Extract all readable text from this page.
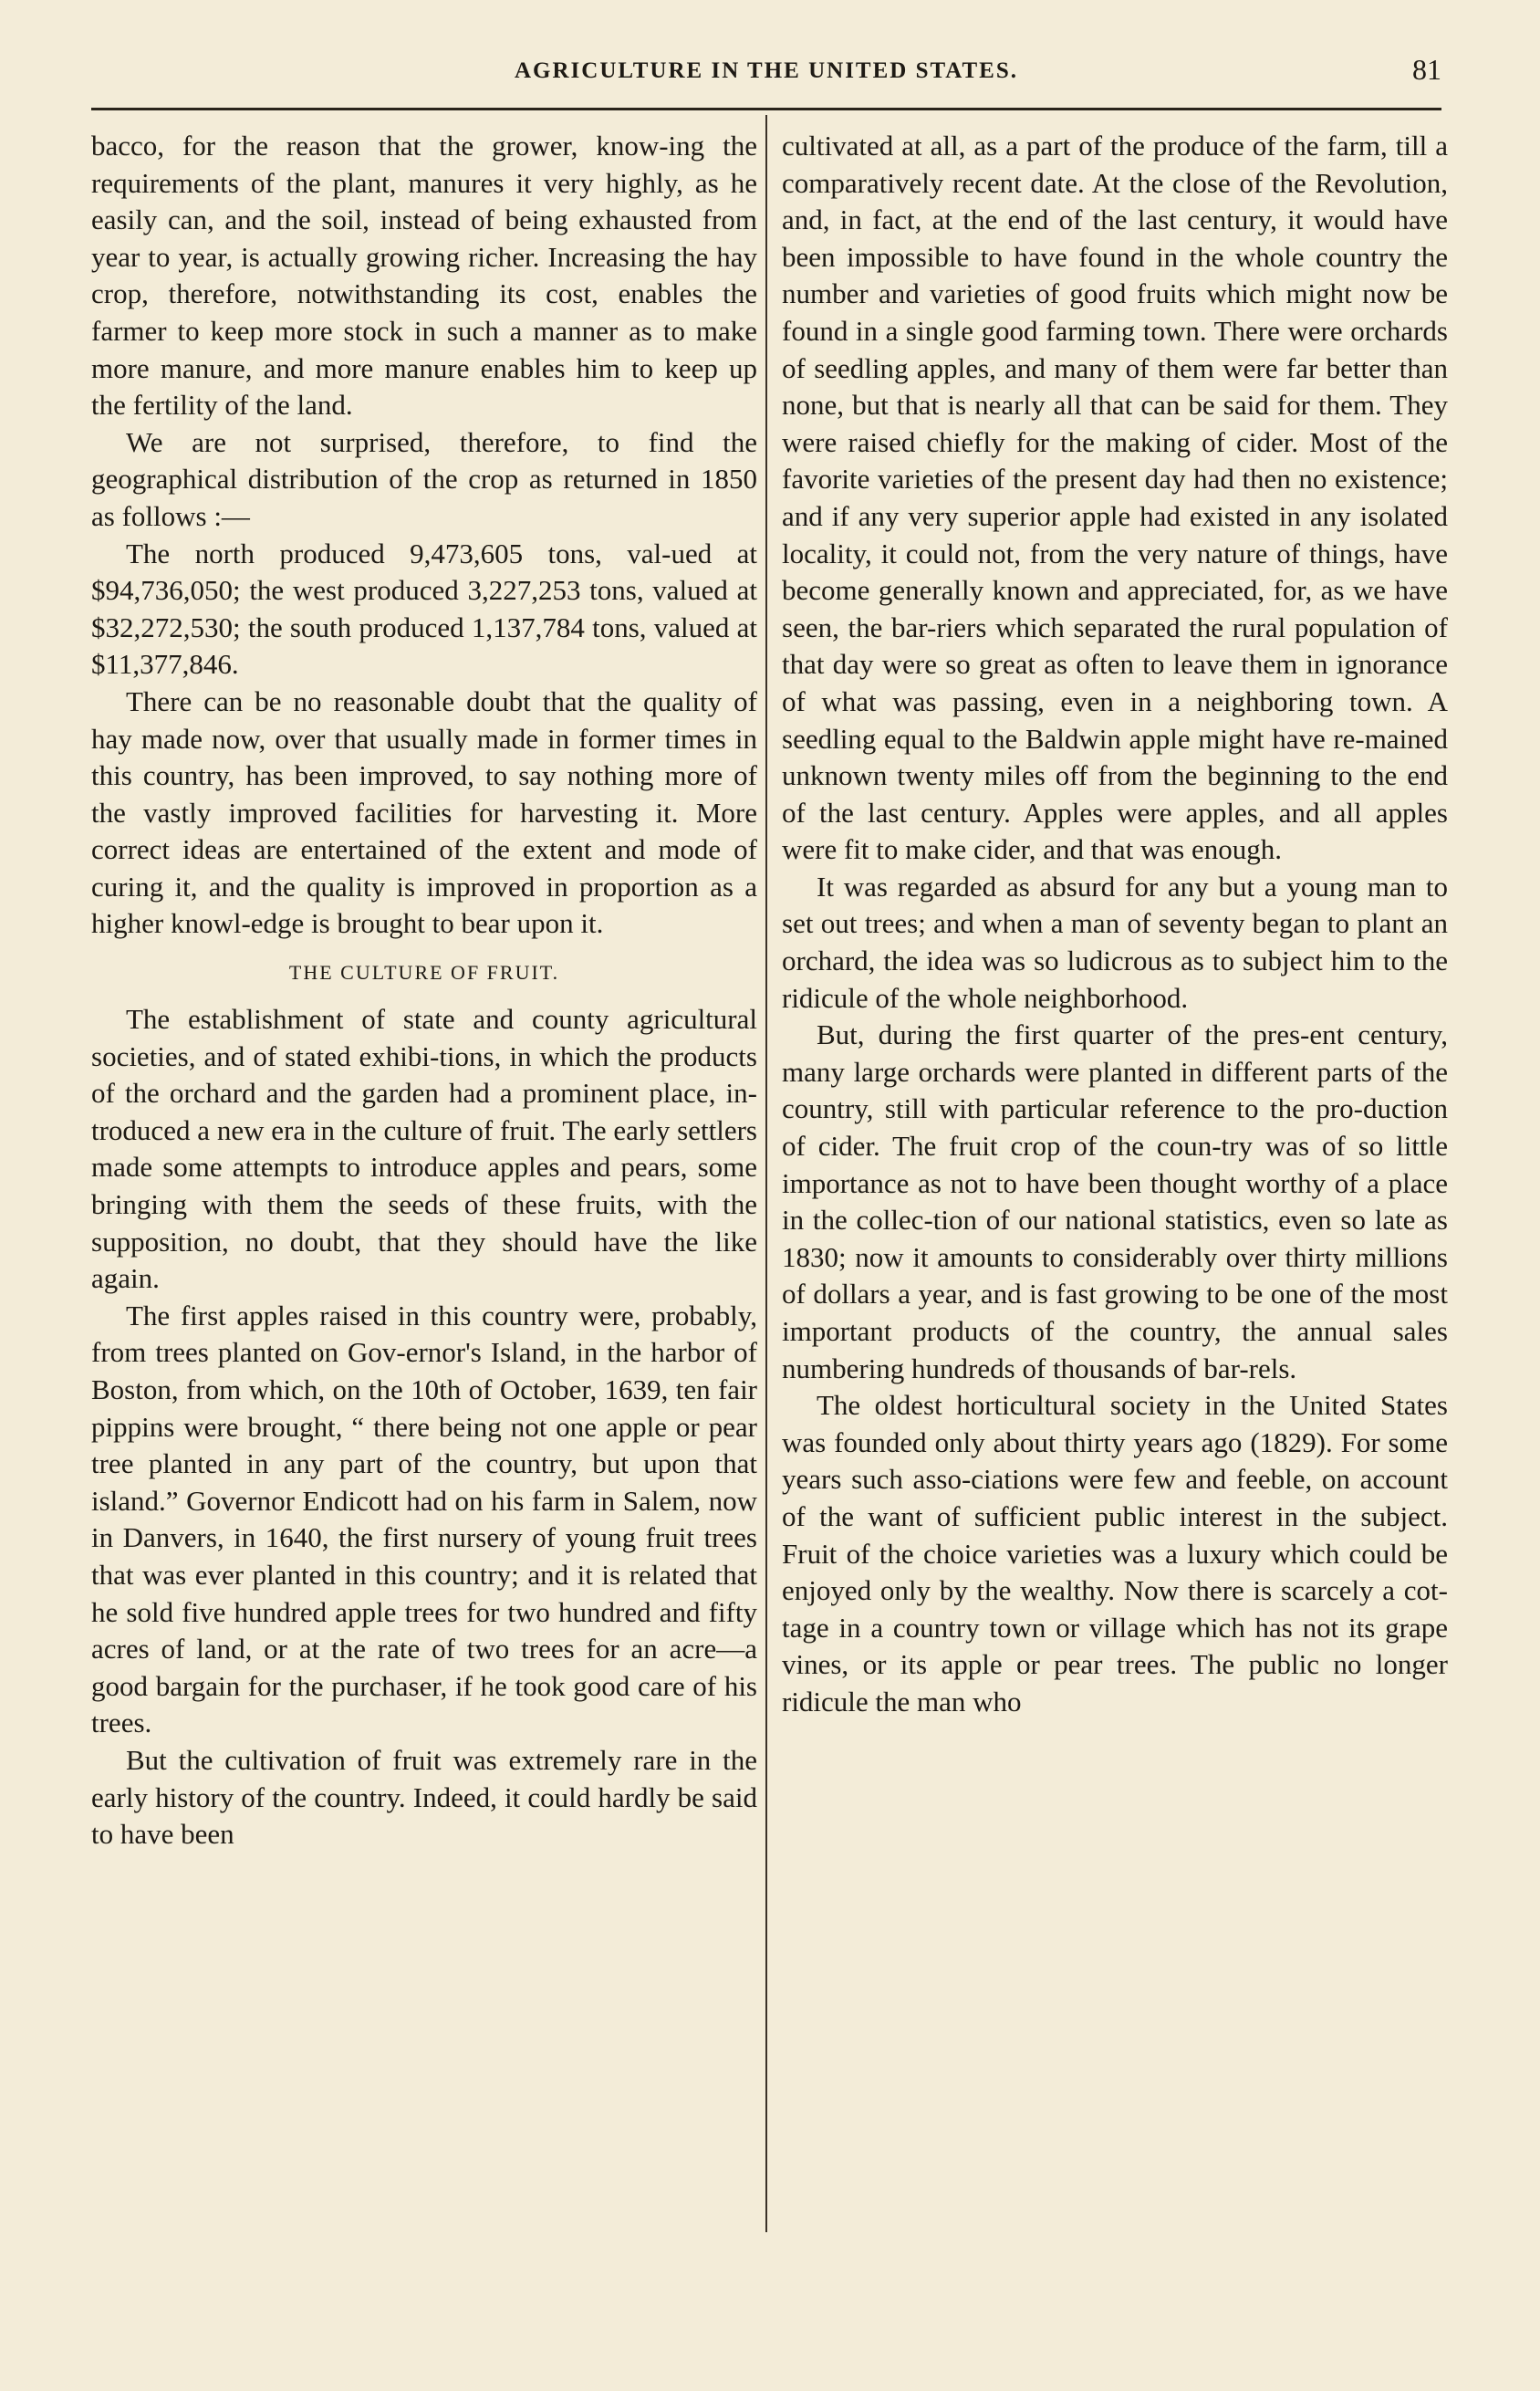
AGRICULTURE IN THE UNITED STATES.	81

bacco, for the reason that the grower, know-ing the requirements of the plant, manures it very highly, as he easily can, and the soil, instead of being exhausted from year to year, is actually growing richer. Increasing the hay crop, therefore, notwithstanding its cost, enables the farmer to keep more stock in such a manner as to make more manure, and more manure enables him to keep up the fertility of the land.

We are not surprised, therefore, to find the geographical distribution of the crop as returned in 1850 as follows :—

The north produced 9,473,605 tons, val-ued at $94,736,050; the west produced 3,227,253 tons, valued at $32,272,530; the south produced 1,137,784 tons, valued at $11,377,846.

There can be no reasonable doubt that the quality of hay made now, over that usually made in former times in this country, has been improved, to say nothing more of the vastly improved facilities for harvesting it. More correct ideas are entertained of the extent and mode of curing it, and the quality is improved in proportion as a higher knowl-edge is brought to bear upon it.

THE CULTURE OF FRUIT.

The establishment of state and county agricultural societies, and of stated exhibi-tions, in which the products of the orchard and the garden had a prominent place, in-troduced a new era in the culture of fruit. The early settlers made some attempts to introduce apples and pears, some bringing with them the seeds of these fruits, with the supposition, no doubt, that they should have the like again.

The first apples raised in this country were, probably, from trees planted on Gov-ernor's Island, in the harbor of Boston, from which, on the 10th of October, 1639, ten fair pippins were brought, “ there being not one apple or pear tree planted in any part of the country, but upon that island.” Governor Endicott had on his farm in Salem, now in Danvers, in 1640, the first nursery of young fruit trees that was ever planted in this country; and it is related that he sold five hundred apple trees for two hundred and fifty acres of land, or at the rate of two trees for an acre—a good bargain for the purchaser, if he took good care of his trees.

But the cultivation of fruit was extremely rare in the early history of the country. Indeed, it could hardly be said to have been

cultivated at all, as a part of the produce of the farm, till a comparatively recent date. At the close of the Revolution, and, in fact, at the end of the last century, it would have been impossible to have found in the whole country the number and varieties of good fruits which might now be found in a single good farming town. There were orchards of seedling apples, and many of them were far better than none, but that is nearly all that can be said for them. They were raised chiefly for the making of cider. Most of the favorite varieties of the present day had then no existence; and if any very superior apple had existed in any isolated locality, it could not, from the very nature of things, have become generally known and appreciated, for, as we have seen, the bar-riers which separated the rural population of that day were so great as often to leave them in ignorance of what was passing, even in a neighboring town. A seedling equal to the Baldwin apple might have re-mained unknown twenty miles off from the beginning to the end of the last century. Apples were apples, and all apples were fit to make cider, and that was enough.

It was regarded as absurd for any but a young man to set out trees; and when a man of seventy began to plant an orchard, the idea was so ludicrous as to subject him to the ridicule of the whole neighborhood.

But, during the first quarter of the pres-ent century, many large orchards were planted in different parts of the country, still with particular reference to the pro-duction of cider. The fruit crop of the coun-try was of so little importance as not to have been thought worthy of a place in the collec-tion of our national statistics, even so late as 1830; now it amounts to considerably over thirty millions of dollars a year, and is fast growing to be one of the most important products of the country, the annual sales numbering hundreds of thousands of bar-rels.

The oldest horticultural society in the United States was founded only about thirty years ago (1829). For some years such asso-ciations were few and feeble, on account of the want of sufficient public interest in the subject. Fruit of the choice varieties was a luxury which could be enjoyed only by the wealthy. Now there is scarcely a cot-tage in a country town or village which has not its grape vines, or its apple or pear trees. The public no longer ridicule the man who
